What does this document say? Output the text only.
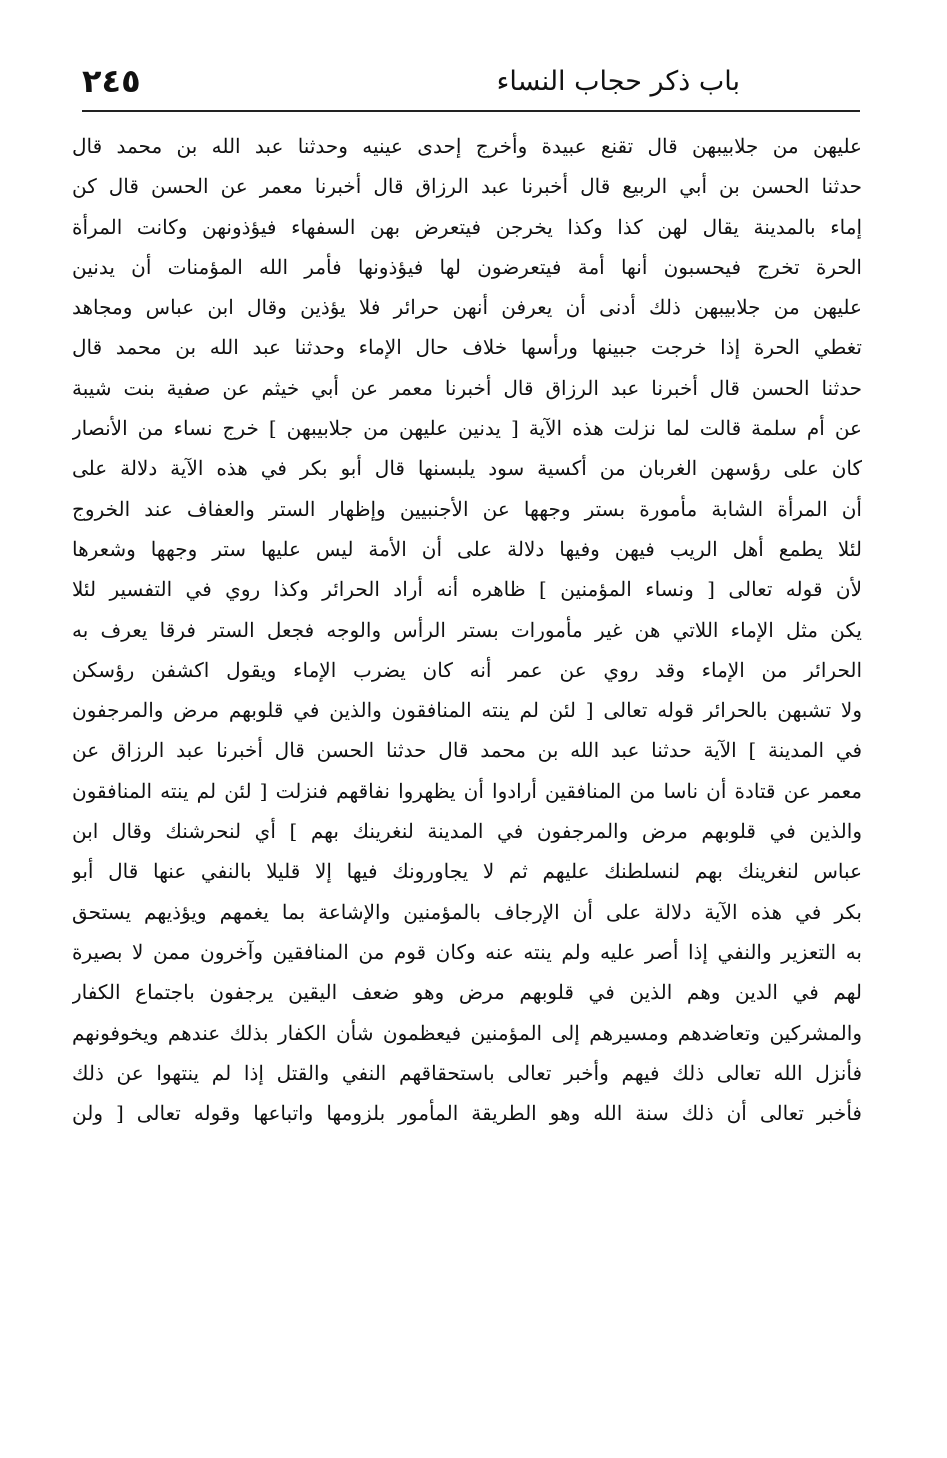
باب ذكر حجاب النساء
٢٤٥
عليهن من جلابيبهن قال تقنع عبيدة وأخرج إحدى عينيه وحدثنا عبد الله بن محمد قال
حدثنا الحسن بن أبي الربيع قال أخبرنا عبد الرزاق قال أخبرنا معمر عن الحسن قال كن
إماء بالمدينة يقال لهن كذا وكذا يخرجن فيتعرض بهن السفهاء فيؤذونهن وكانت المرأة
الحرة تخرج فيحسبون أنها أمة فيتعرضون لها فيؤذونها فأمر الله المؤمنات أن يدنين
عليهن من جلابيبهن ذلك أدنى أن يعرفن أنهن حرائر فلا يؤذين وقال ابن عباس ومجاهد
تغطي الحرة إذا خرجت جبينها ورأسها خلاف حال الإماء وحدثنا عبد الله بن محمد قال
حدثنا الحسن قال أخبرنا عبد الرزاق قال أخبرنا معمر عن أبي خيثم عن صفية بنت شيبة
عن أم سلمة قالت لما نزلت هذه الآية [ يدنين عليهن من جلابيبهن ] خرج نساء من الأنصار
كان على رؤسهن الغربان من أكسية سود يلبسنها قال أبو بكر في هذه الآية دلالة على
أن المرأة الشابة مأمورة بستر وجهها عن الأجنبيين وإظهار الستر والعفاف عند الخروج
لئلا يطمع أهل الريب فيهن وفيها دلالة على أن الأمة ليس عليها ستر وجهها وشعرها
لأن قوله تعالى [ ونساء المؤمنين ] ظاهره أنه أراد الحرائر وكذا روي في التفسير لئلا
يكن مثل الإماء اللاتي هن غير مأمورات بستر الرأس والوجه فجعل الستر فرقا يعرف به
الحرائر من الإماء وقد روي عن عمر أنه كان يضرب الإماء ويقول اكشفن رؤسكن
ولا تشبهن بالحرائر قوله تعالى [ لئن لم ينته المنافقون والذين في قلوبهم مرض والمرجفون
في المدينة ] الآية حدثنا عبد الله بن محمد قال حدثنا الحسن قال أخبرنا عبد الرزاق عن
معمر عن قتادة أن ناسا من المنافقين أرادوا أن يظهروا نفاقهم فنزلت [ لئن لم ينته المنافقون
والذين في قلوبهم مرض والمرجفون في المدينة لنغرينك بهم ] أي لنحرشنك وقال ابن
عباس لنغرينك بهم لنسلطنك عليهم ثم لا يجاورونك فيها إلا قليلا بالنفي عنها قال أبو
بكر في هذه الآية دلالة على أن الإرجاف بالمؤمنين والإشاعة بما يغمهم ويؤذيهم يستحق
به التعزير والنفي إذا أصر عليه ولم ينته عنه وكان قوم من المنافقين وآخرون ممن لا بصيرة
لهم في الدين وهم الذين في قلوبهم مرض وهو ضعف اليقين يرجفون باجتماع الكفار
والمشركين وتعاضدهم ومسيرهم إلى المؤمنين فيعظمون شأن الكفار بذلك عندهم ويخوفونهم
فأنزل الله تعالى ذلك فيهم وأخبر تعالى باستحقاقهم النفي والقتل إذا لم ينتهوا عن ذلك
فأخبر تعالى أن ذلك سنة الله وهو الطريقة المأمور بلزومها واتباعها وقوله تعالى [ ولن
